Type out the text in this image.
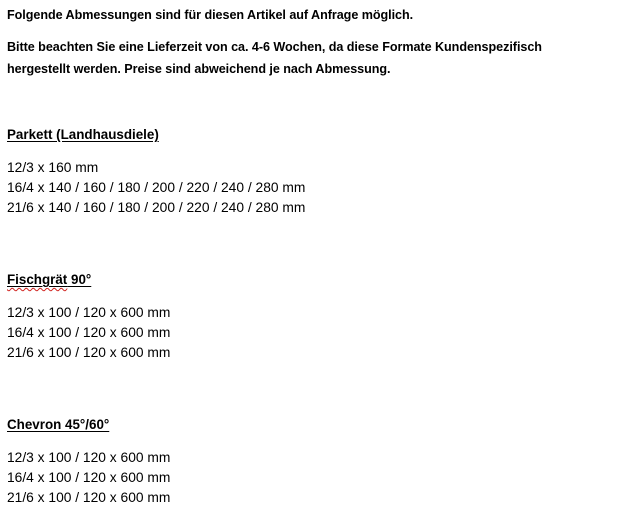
Folgende Abmessungen sind für diesen Artikel auf Anfrage möglich.
Bitte beachten Sie eine Lieferzeit von ca. 4-6 Wochen, da diese Formate Kundenspezifisch
hergestellt werden. Preise sind abweichend je nach Abmessung.
Parkett (Landhausdiele)
12/3 x 160 mm
16/4 x 140 / 160 / 180 / 200 / 220 / 240 / 280 mm
21/6 x 140 / 160 / 180 / 200 / 220 / 240 / 280 mm
Fischgrät 90°
12/3 x 100 / 120 x 600 mm
16/4 x 100 / 120 x 600 mm
21/6 x 100 / 120 x 600 mm
Chevron 45°/60°
12/3 x 100 / 120 x 600 mm
16/4 x 100 / 120 x 600 mm
21/6 x 100 / 120 x 600 mm
